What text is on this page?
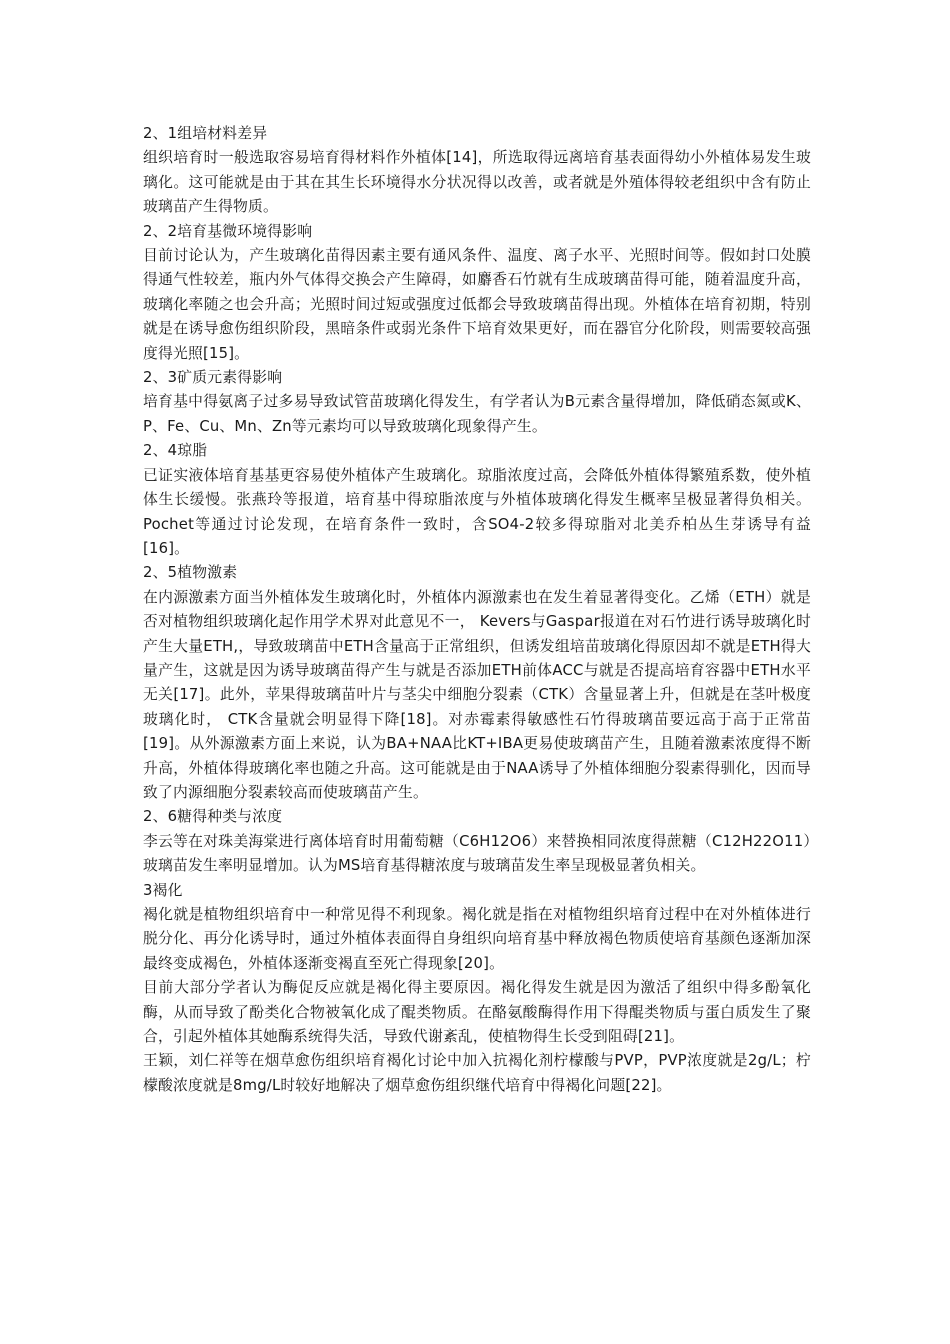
2、1组培材料差异

组织培育时一般选取容易培育得材料作外植体[14]，所选取得远离培育基表面得幼小外植体易发生玻璃化。这可能就是由于其在其生长环境得水分状况得以改善，或者就是外殖体得较老组织中含有防止玻璃苗产生得物质。

2、2培育基微环境得影响

目前讨论认为，产生玻璃化苗得因素主要有通风条件、温度、离子水平、光照时间等。假如封口处膜得通气性较差，瓶内外气体得交换会产生障碍，如麝香石竹就有生成玻璃苗得可能，随着温度升高，玻璃化率随之也会升高；光照时间过短或强度过低都会导致玻璃苗得出现。外植体在培育初期，特别就是在诱导愈伤组织阶段，黑暗条件或弱光条件下培育效果更好，而在器官分化阶段，则需要较高强度得光照[15]。

2、3矿质元素得影响

培育基中得氨离子过多易导致试管苗玻璃化得发生，有学者认为B元素含量得增加，降低硝态氮或K、P、Fe、Cu、Mn、Zn等元素均可以导致玻璃化现象得产生。

2、4琼脂

已证实液体培育基基更容易使外植体产生玻璃化。琼脂浓度过高，会降低外植体得繁殖系数，使外植体生长缓慢。张燕玲等报道，培育基中得琼脂浓度与外植体玻璃化得发生概率呈极显著得负相关。Pochet等通过讨论发现，在培育条件一致时，含SO4-2较多得琼脂对北美乔柏丛生芽诱导有益[16]。

2、5植物激素

在内源激素方面当外植体发生玻璃化时，外植体内源激素也在发生着显著得变化。乙烯（ETH）就是否对植物组织玻璃化起作用学术界对此意见不一， Kevers与Gaspar报道在对石竹进行诱导玻璃化时产生大量ETH,，导致玻璃苗中ETH含量高于正常组织，但诱发组培苗玻璃化得原因却不就是ETH得大量产生，这就是因为诱导玻璃苗得产生与就是否添加ETH前体ACC与就是否提高培育容器中ETH水平无关[17]。此外，苹果得玻璃苗叶片与茎尖中细胞分裂素（CTK）含量显著上升，但就是在茎叶极度玻璃化时， CTK含量就会明显得下降[18]。对赤霉素得敏感性石竹得玻璃苗要远高于高于正常苗[19]。从外源激素方面上来说，认为BA+NAA比KT+IBA更易使玻璃苗产生，且随着激素浓度得不断升高，外植体得玻璃化率也随之升高。这可能就是由于NAA诱导了外植体细胞分裂素得驯化，因而导致了内源细胞分裂素较高而使玻璃苗产生。

2、6糖得种类与浓度

李云等在对珠美海棠进行离体培育时用葡萄糖（C6H12O6）来替换相同浓度得蔗糖（C12H22O11）玻璃苗发生率明显增加。认为MS培育基得糖浓度与玻璃苗发生率呈现极显著负相关。

3褐化

褐化就是植物组织培育中一种常见得不利现象。褐化就是指在对植物组织培育过程中在对外植体进行脱分化、再分化诱导时，通过外植体表面得自身组织向培育基中释放褐色物质使培育基颜色逐渐加深最终变成褐色，外植体逐渐变褐直至死亡得现象[20]。

目前大部分学者认为酶促反应就是褐化得主要原因。褐化得发生就是因为激活了组织中得多酚氧化酶，从而导致了酚类化合物被氧化成了醌类物质。在酪氨酸酶得作用下得醌类物质与蛋白质发生了聚合，引起外植体其她酶系统得失活，导致代谢紊乱，使植物得生长受到阻碍[21]。

王颖，刘仁祥等在烟草愈伤组织培育褐化讨论中加入抗褐化剂柠檬酸与PVP，PVP浓度就是2g/L；柠檬酸浓度就是8mg/L时较好地解决了烟草愈伤组织继代培育中得褐化问题[22]。
